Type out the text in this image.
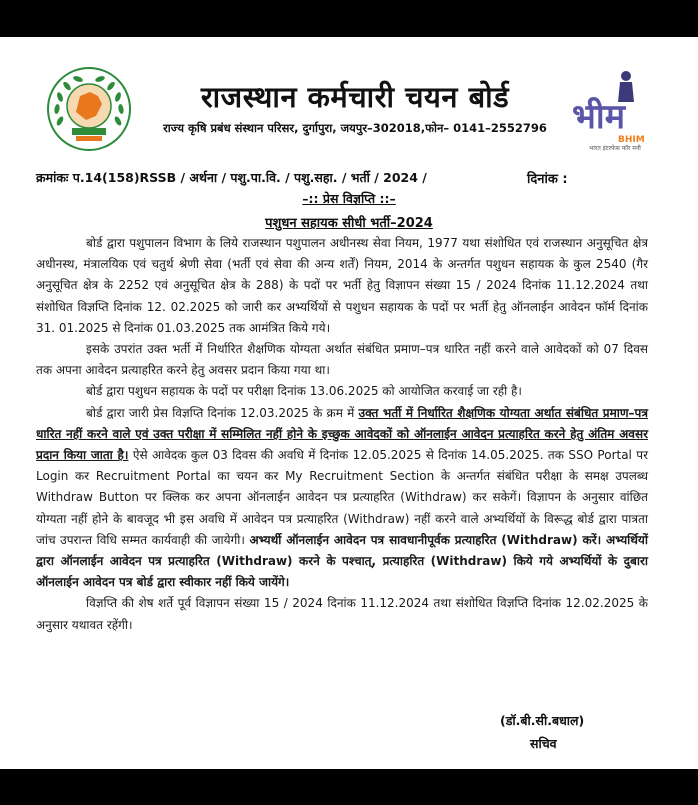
राजस्थान कर्मचारी चयन बोर्ड
राज्य कृषि प्रबंध संस्थान परिसर, दुर्गापुरा, जयपुर–302018,फोन– 0141–2552796 भीम
BHIM
भारत इंटरफेस फॉर मनी
क्रमांकः प.14(158)RSSB / अर्थना / पशु.पा.वि. / पशु.सहा. / भर्ती / 2024 /	दिनांक :
–:: प्रेस विज्ञप्ति ::–
पशुधन सहायक सीधी भर्ती–2024

बोर्ड द्वारा पशुपालन विभाग के लिये राजस्थान पशुपालन अधीनस्थ सेवा नियम, 1977 यथा संशोधित एवं राजस्थान अनुसूचित क्षेत्र अधीनस्थ, मंत्रालयिक एवं चतुर्थ श्रेणी सेवा (भर्ती एवं सेवा की अन्य शर्तें) नियम, 2014 के अन्तर्गत पशुधन सहायक के कुल 2540 (गैर अनुसूचित क्षेत्र के 2252 एवं अनुसूचित क्षेत्र के 288) के पदों पर भर्ती हेतु विज्ञापन संख्या 15 / 2024 दिनांक 11.12.2024 तथा संशोधित विज्ञप्ति दिनांक 12. 02.2025 को जारी कर अभ्यर्थियों से पशुधन सहायक के पदों पर भर्ती हेतु ऑनलाईन आवेदन फॉर्म दिनांक 31. 01.2025 से दिनांक 01.03.2025 तक आमंत्रित किये गये।

इसके उपरांत उक्त भर्ती में निर्धारित शैक्षणिक योग्यता अर्थात संबंधित प्रमाण–पत्र धारित नहीं करने वाले आवेदकों को 07 दिवस तक अपना आवेदन प्रत्याहरित करने हेतु अवसर प्रदान किया गया था।

बोर्ड द्वारा पशुधन सहायक के पदों पर परीक्षा दिनांक 13.06.2025 को आयोजित करवाई जा रही है।

बोर्ड द्वारा जारी प्रेस विज्ञप्ति दिनांक 12.03.2025 के क्रम में उक्त भर्ती में निर्धारित शैक्षणिक योग्यता अर्थात संबंधित प्रमाण–पत्र धारित नहीं करने वाले एवं उक्त परीक्षा में सम्मिलित नहीं होने के इच्छुक आवेदकों को ऑनलाईन आवेदन प्रत्याहरित करने हेतु अंतिम अवसर प्रदान किया जाता है। ऐसे आवेदक कुल 03 दिवस की अवधि में दिनांक 12.05.2025 से दिनांक 14.05.2025. तक SSO Portal पर Login कर Recruitment Portal का चयन कर My Recruitment Section के अन्तर्गत संबंधित परीक्षा के समक्ष उपलब्ध Withdraw Button पर क्लिक कर अपना ऑनलाईन आवेदन पत्र प्रत्याहरित (Withdraw) कर सकेगें। विज्ञापन के अनुसार वांछित योग्यता नहीं होने के बावजूद भी इस अवधि में आवेदन पत्र प्रत्याहरित (Withdraw) नहीं करने वाले अभ्यर्थियों के विरूद्ध बोर्ड द्वारा पात्रता जांच उपरान्त विधि सम्मत कार्यवाही की जायेगी। अभ्यर्थी ऑनलाईन आवेदन पत्र सावधानीपूर्वक प्रत्याहरित (Withdraw) करें। अभ्यर्थियों द्वारा ऑनलाईन आवेदन पत्र प्रत्याहरित (Withdraw) करने के पश्चात्, प्रत्याहरित (Withdraw) किये गये अभ्यर्थियों के दुबारा ऑनलाईन आवेदन पत्र बोर्ड द्वारा स्वीकार नहीं किये जायेंगे।

विज्ञप्ति की शेष शर्ते पूर्व विज्ञापन संख्या 15 / 2024 दिनांक 11.12.2024 तथा संशोधित विज्ञप्ति दिनांक 12.02.2025 के अनुसार यथावत रहेंगी।

(डॉ.बी.सी.बधाल)
सचिव
